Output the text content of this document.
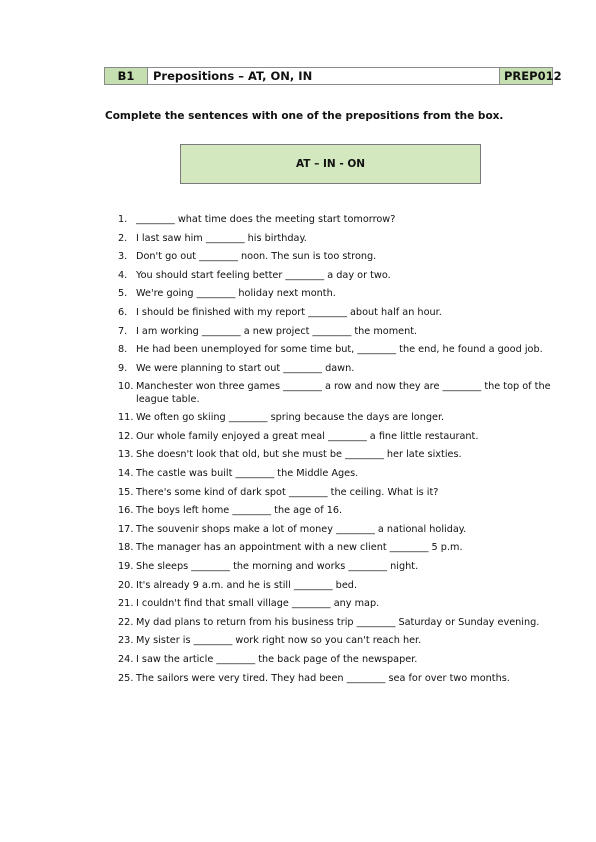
B1	Prepositions – AT, ON, IN	PREP012
Complete the sentences with one of the prepositions from the box.
AT – IN - ON
1. ________ what time does the meeting start tomorrow?
2. I last saw him ________ his birthday.
3. Don't go out ________ noon. The sun is too strong.
4. You should start feeling better ________ a day or two.
5. We're going ________ holiday next month.
6. I should be finished with my report ________ about half an hour.
7. I am working ________ a new project ________ the moment.
8. He had been unemployed for some time but, ________ the end, he found a good job.
9. We were planning to start out ________ dawn.
10. Manchester won three games ________ a row and now they are ________ the top of the league table.
11. We often go skiing ________ spring because the days are longer.
12. Our whole family enjoyed a great meal ________ a fine little restaurant.
13. She doesn't look that old, but she must be ________ her late sixties.
14. The castle was built ________ the Middle Ages.
15. There's some kind of dark spot ________ the ceiling. What is it?
16. The boys left home ________ the age of 16.
17. The souvenir shops make a lot of money ________ a national holiday.
18. The manager has an appointment with a new client ________ 5 p.m.
19. She sleeps ________ the morning and works ________ night.
20. It's already 9 a.m. and he is still ________ bed.
21. I couldn't find that small village ________ any map.
22. My dad plans to return from his business trip ________ Saturday or Sunday evening.
23. My sister is ________ work right now so you can't reach her.
24. I saw the article ________ the back page of the newspaper.
25. The sailors were very tired. They had been ________ sea for over two months.
